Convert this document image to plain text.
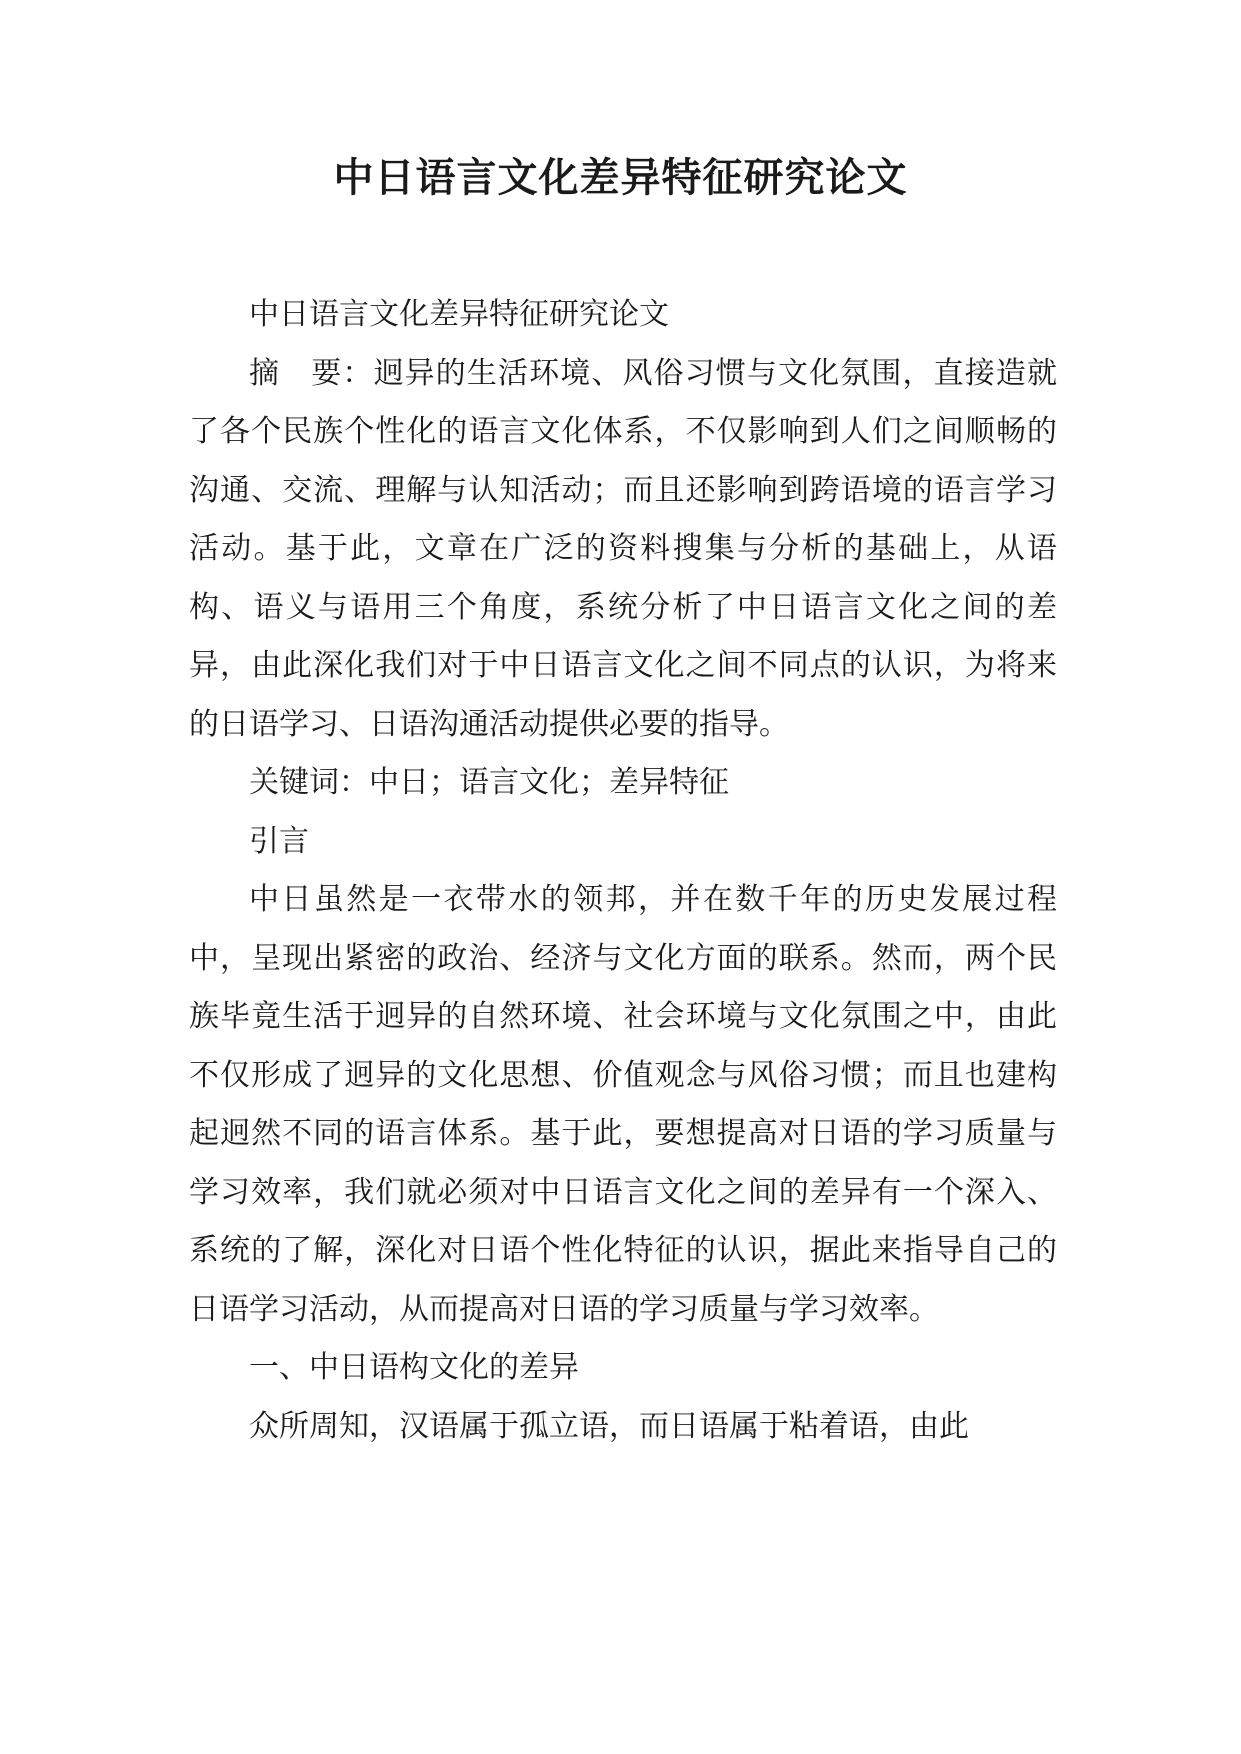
中日语言文化差异特征研究论文

中日语言文化差异特征研究论文

摘　要：迥异的生活环境、风俗习惯与文化氛围，直接造就了各个民族个性化的语言文化体系，不仅影响到人们之间顺畅的沟通、交流、理解与认知活动；而且还影响到跨语境的语言学习活动。基于此，文章在广泛的资料搜集与分析的基础上，从语构、语义与语用三个角度，系统分析了中日语言文化之间的差异，由此深化我们对于中日语言文化之间不同点的认识，为将来的日语学习、日语沟通活动提供必要的指导。

关键词：中日；语言文化；差异特征

引言

中日虽然是一衣带水的领邦，并在数千年的历史发展过程中，呈现出紧密的政治、经济与文化方面的联系。然而，两个民族毕竟生活于迥异的自然环境、社会环境与文化氛围之中，由此不仅形成了迥异的文化思想、价值观念与风俗习惯；而且也建构起迥然不同的语言体系。基于此，要想提高对日语的学习质量与学习效率，我们就必须对中日语言文化之间的差异有一个深入、系统的了解，深化对日语个性化特征的认识，据此来指导自己的日语学习活动，从而提高对日语的学习质量与学习效率。

一、中日语构文化的差异

众所周知，汉语属于孤立语，而日语属于粘着语，由此
